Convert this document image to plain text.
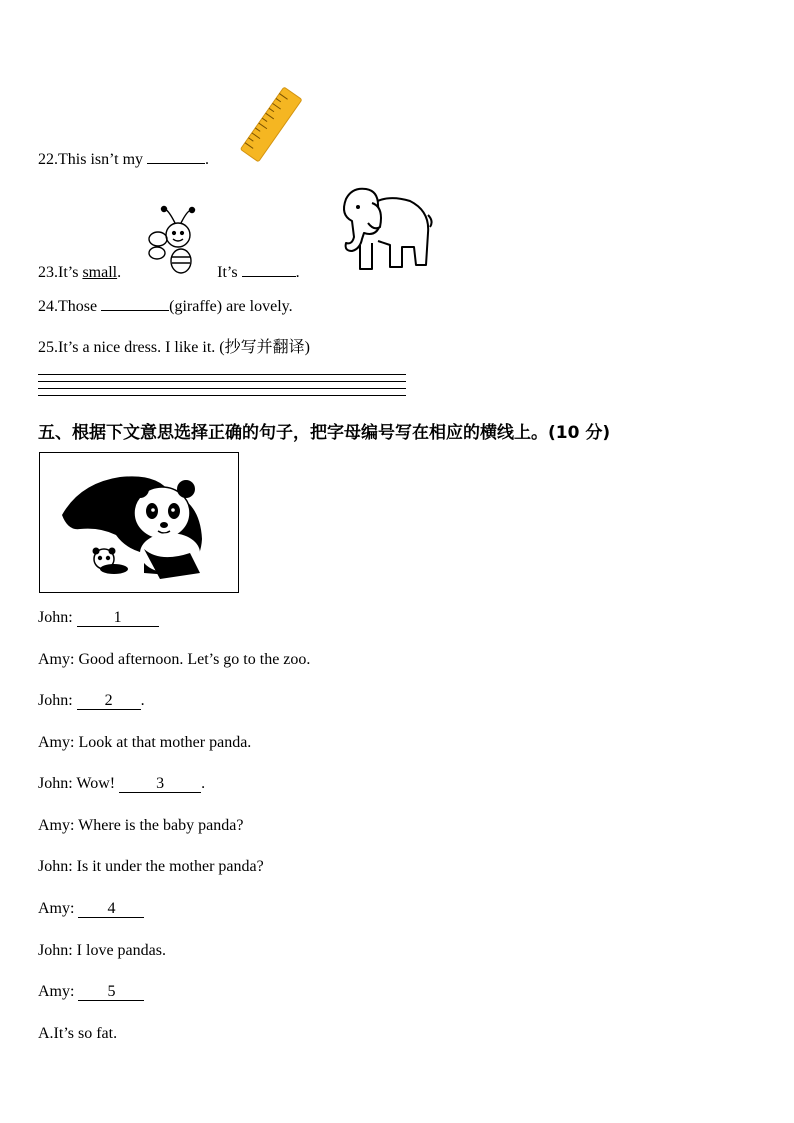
22.This isn’t my	.
23.It’s small.	It’s	.
24.Those	(giraffe) are lovely.
25.It’s a nice dress. I like it. (抄写并翻译)
五、根据下文意思选择正确的句子，把字母编号写在相应的横线上。(10 分)
John: 1
Amy: Good afternoon. Let’s go to the zoo.
John: 2 .
Amy: Look at that mother panda.
John: Wow! 3 .
Amy: Where is the baby panda?
John: Is it under the mother panda?
Amy: 4
John: I love pandas.
Amy: 5
A.It’s so fat.
